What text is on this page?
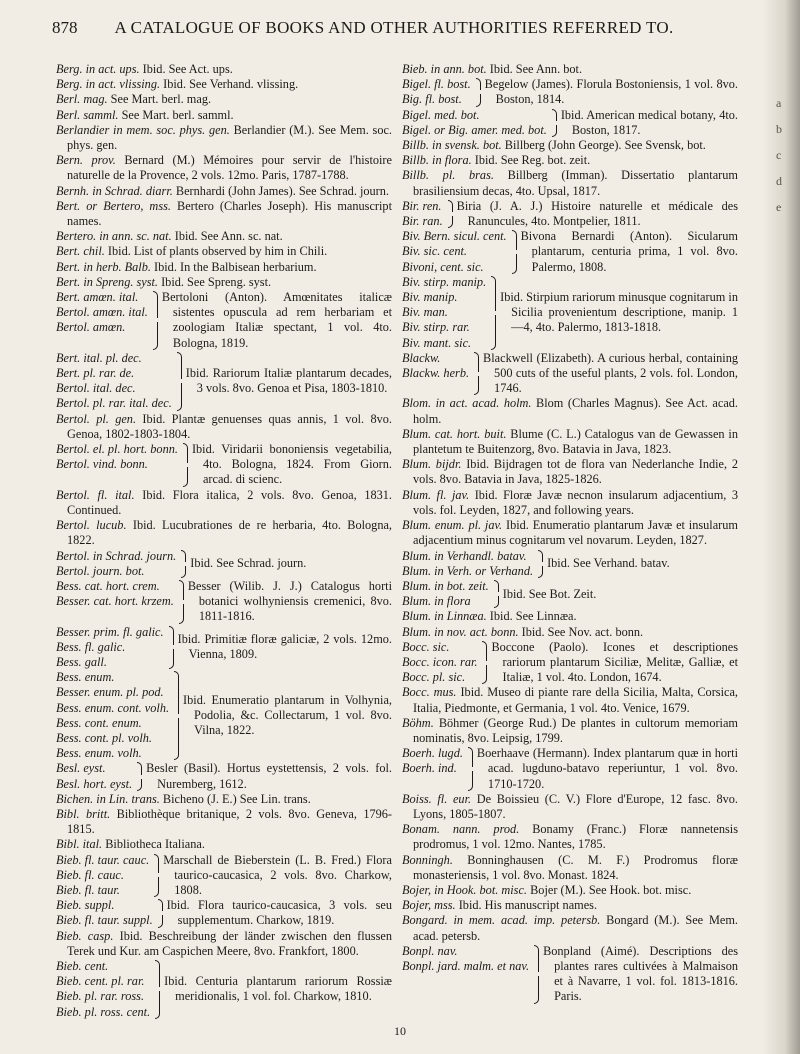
878	A CATALOGUE OF BOOKS AND OTHER AUTHORITIES REFERRED TO.
Berg. in act. ups. Ibid. See Act. ups.
Berg. in act. vlissing. Ibid. See Verhand. vlissing.
Berl. mag. See Mart. berl. mag.
Berl. samml. See Mart. berl. samml.
Berlandier in mem. soc. phys. gen. Berlandier (M.). See Mem. soc. phys. gen.
Bern. prov. Bernard (M.) Mémoires pour servir de l'histoire naturelle de la Provence, 2 vols. 12mo. Paris, 1787-1788.
Bernh. in Schrad. diarr. Bernhardi (John James). See Schrad. journ.
Bert. or Bertero, mss. Bertero (Charles Joseph). His manuscript names.
Bertero. in ann. sc. nat. Ibid. See Ann. sc. nat.
Bert. chil. Ibid. List of plants observed by him in Chili.
Bert. in herb. Balb. Ibid. In the Balbisean herbarium.
Bert. in Spreng. syst. Ibid. See Spreng. syst.
Bert. amœn. ital.
Bertol. amœn. ital.
Bertol. amœn.
Bertoloni (Anton). Amœnitates italicæ sistentes opuscula ad rem herbariam et zoologiam Italiæ spectant, 1 vol. 4to. Bologna, 1819.
Bert. ital. pl. dec.
Bert. pl. rar. de.
Bertol. ital. dec.
Bertol. pl. rar. ital. dec.
Ibid. Rariorum Italiæ plantarum decades, 3 vols. 8vo. Genoa et Pisa, 1803-1810.
Bertol. pl. gen. Ibid. Plantæ genuenses quas annis, 1 vol. 8vo. Genoa, 1802-1803-1804.
Bertol. el. pl. hort. bonn.
Bertol. vind. bonn.
Ibid. Viridarii bononiensis vegetabilia, 4to. Bologna, 1824. From Giorn. arcad. di scienc.
Bertol. fl. ital. Ibid. Flora italica, 2 vols. 8vo. Genoa, 1831. Continued.
Bertol. lucub. Ibid. Lucubrationes de re herbaria, 4to. Bologna, 1822.
Bertol. in Schrad. journ.
Bertol. journ. bot.
Ibid. See Schrad. journ.
Bess. cat. hort. crem.
Besser. cat. hort. krzem.
Besser (Wilib. J. J.) Catalogus horti botanici wolhyniensis cremenici, 8vo. 1811-1816.
Besser. prim. fl. galic.
Bess. fl. galic.
Bess. gall.
Ibid. Primitiæ floræ galiciæ, 2 vols. 12mo. Vienna, 1809.
Bess. enum.
Besser. enum. pl. pod.
Bess. enum. cont. volh.
Bess. cont. enum.
Bess. cont. pl. volh.
Bess. enum. volh.
Ibid. Enumeratio plantarum in Volhynia, Podolia, &c. Collectarum, 1 vol. 8vo. Vilna, 1822.
Besl. eyst.
Besl. hort. eyst.
Besler (Basil). Hortus eystettensis, 2 vols. fol. Nuremberg, 1612.
Bichen. in Lin. trans. Bicheno (J. E.) See Lin. trans.
Bibl. britt. Bibliothèque britanique, 2 vols. 8vo. Geneva, 1796-1815.
Bibl. ital. Bibliotheca Italiana.
Bieb. fl. taur. cauc.
Bieb. fl. cauc.
Bieb. fl. taur.
Marschall de Bieberstein (L. B. Fred.) Flora taurico-caucasica, 2 vols. 8vo. Charkow, 1808.
Bieb. suppl.
Bieb. fl. taur. suppl.
Ibid. Flora taurico-caucasica, 3 vols. seu supplementum. Charkow, 1819.
Bieb. casp. Ibid. Beschreibung der länder zwischen den flussen Terek und Kur. am Caspichen Meere, 8vo. Frankfort, 1800.
Bieb. cent.
Bieb. cent. pl. rar.
Bieb. pl. rar. ross.
Bieb. pl. ross. cent.
Ibid. Centuria plantarum rariorum Rossiæ meridionalis, 1 vol. fol. Charkow, 1810.
Bieb. in ann. bot. Ibid. See Ann. bot.
Bigel. fl. bost.
Big. fl. bost.
Begelow (James). Florula Bostoniensis, 1 vol. 8vo. Boston, 1814.
Bigel. med. bot.
Bigel. or Big. amer. med. bot.
Ibid. American medical botany, 4to. Boston, 1817.
Billb. in svensk. bot. Billberg (John George). See Svensk, bot.
Billb. in flora. Ibid. See Reg. bot. zeit.
Billb. pl. bras. Billberg (Imman). Dissertatio plantarum brasiliensium decas, 4to. Upsal, 1817.
Bir. ren.
Bir. ran.
Biria (J. A. J.) Histoire naturelle et médicale des Ranuncules, 4to. Montpelier, 1811.
Biv. Bern. sicul. cent.
Biv. sic. cent.
Bivoni, cent. sic.
Bivona Bernardi (Anton). Sicularum plantarum, centuria prima, 1 vol. 8vo. Palermo, 1808.
Biv. stirp. manip.
Biv. manip.
Biv. man.
Biv. stirp. rar.
Biv. mant. sic.
Ibid. Stirpium rariorum minusque cognitarum in Sicilia provenientum descriptione, manip. 1—4, 4to. Palermo, 1813-1818.
Blackw.
Blackw. herb.
Blackwell (Elizabeth). A curious herbal, containing 500 cuts of the useful plants, 2 vols. fol. London, 1746.
Blom. in act. acad. holm. Blom (Charles Magnus). See Act. acad. holm.
Blum. cat. hort. buit. Blume (C. L.) Catalogus van de Gewassen in plantetum te Buitenzorg, 8vo. Batavia in Java, 1823.
Blum. bijdr. Ibid. Bijdragen tot de flora van Nederlanche Indie, 2 vols. 8vo. Batavia in Java, 1825-1826.
Blum. fl. jav. Ibid. Floræ Javæ necnon insularum adjacentium, 3 vols. fol. Leyden, 1827, and following years.
Blum. enum. pl. jav. Ibid. Enumeratio plantarum Javæ et insularum adjacentium minus cognitarum vel novarum. Leyden, 1827.
Blum. in Verhandl. batav.
Blum. in Verh. or Verhand.
Ibid. See Verhand. batav.
Blum. in bot. zeit.
Blum. in flora
Ibid. See Bot. Zeit.
Blum. in Linnæa. Ibid. See Linnæa.
Blum. in nov. act. bonn. Ibid. See Nov. act. bonn.
Bocc. sic.
Bocc. icon. rar.
Bocc. pl. sic.
Boccone (Paolo). Icones et descriptiones rariorum plantarum Siciliæ, Melitæ, Galliæ, et Italiæ, 1 vol. 4to. London, 1674.
Bocc. mus. Ibid. Museo di piante rare della Sicilia, Malta, Corsica, Italia, Piedmonte, et Germania, 1 vol. 4to. Venice, 1679.
Böhm. Böhmer (George Rud.) De plantes in cultorum memoriam nominatis, 8vo. Leipsig, 1799.
Boerh. lugd.
Boerh. ind.
Boerhaave (Hermann). Index plantarum quæ in horti acad. lugduno-batavo reperiuntur, 1 vol. 8vo. 1710-1720.
Boiss. fl. eur. De Boissieu (C. V.) Flore d'Europe, 12 fasc. 8vo. Lyons, 1805-1807.
Bonam. nann. prod. Bonamy (Franc.) Floræ nannetensis prodromus, 1 vol. 12mo. Nantes, 1785.
Bonningh. Bonninghausen (C. M. F.) Prodromus floræ monasteriensis, 1 vol. 8vo. Monast. 1824.
Bojer, in Hook. bot. misc. Bojer (M.). See Hook. bot. misc.
Bojer, mss. Ibid. His manuscript names.
Bongard. in mem. acad. imp. petersb. Bongard (M.). See Mem. acad. petersb.
Bonpl. nav.
Bonpl. jard. malm. et nav.
Bonpland (Aimé). Descriptions des plantes rares cultivées à Malmaison et à Navarre, 1 vol. fol. 1813-1816. Paris.
10
a
b
c
d
e
